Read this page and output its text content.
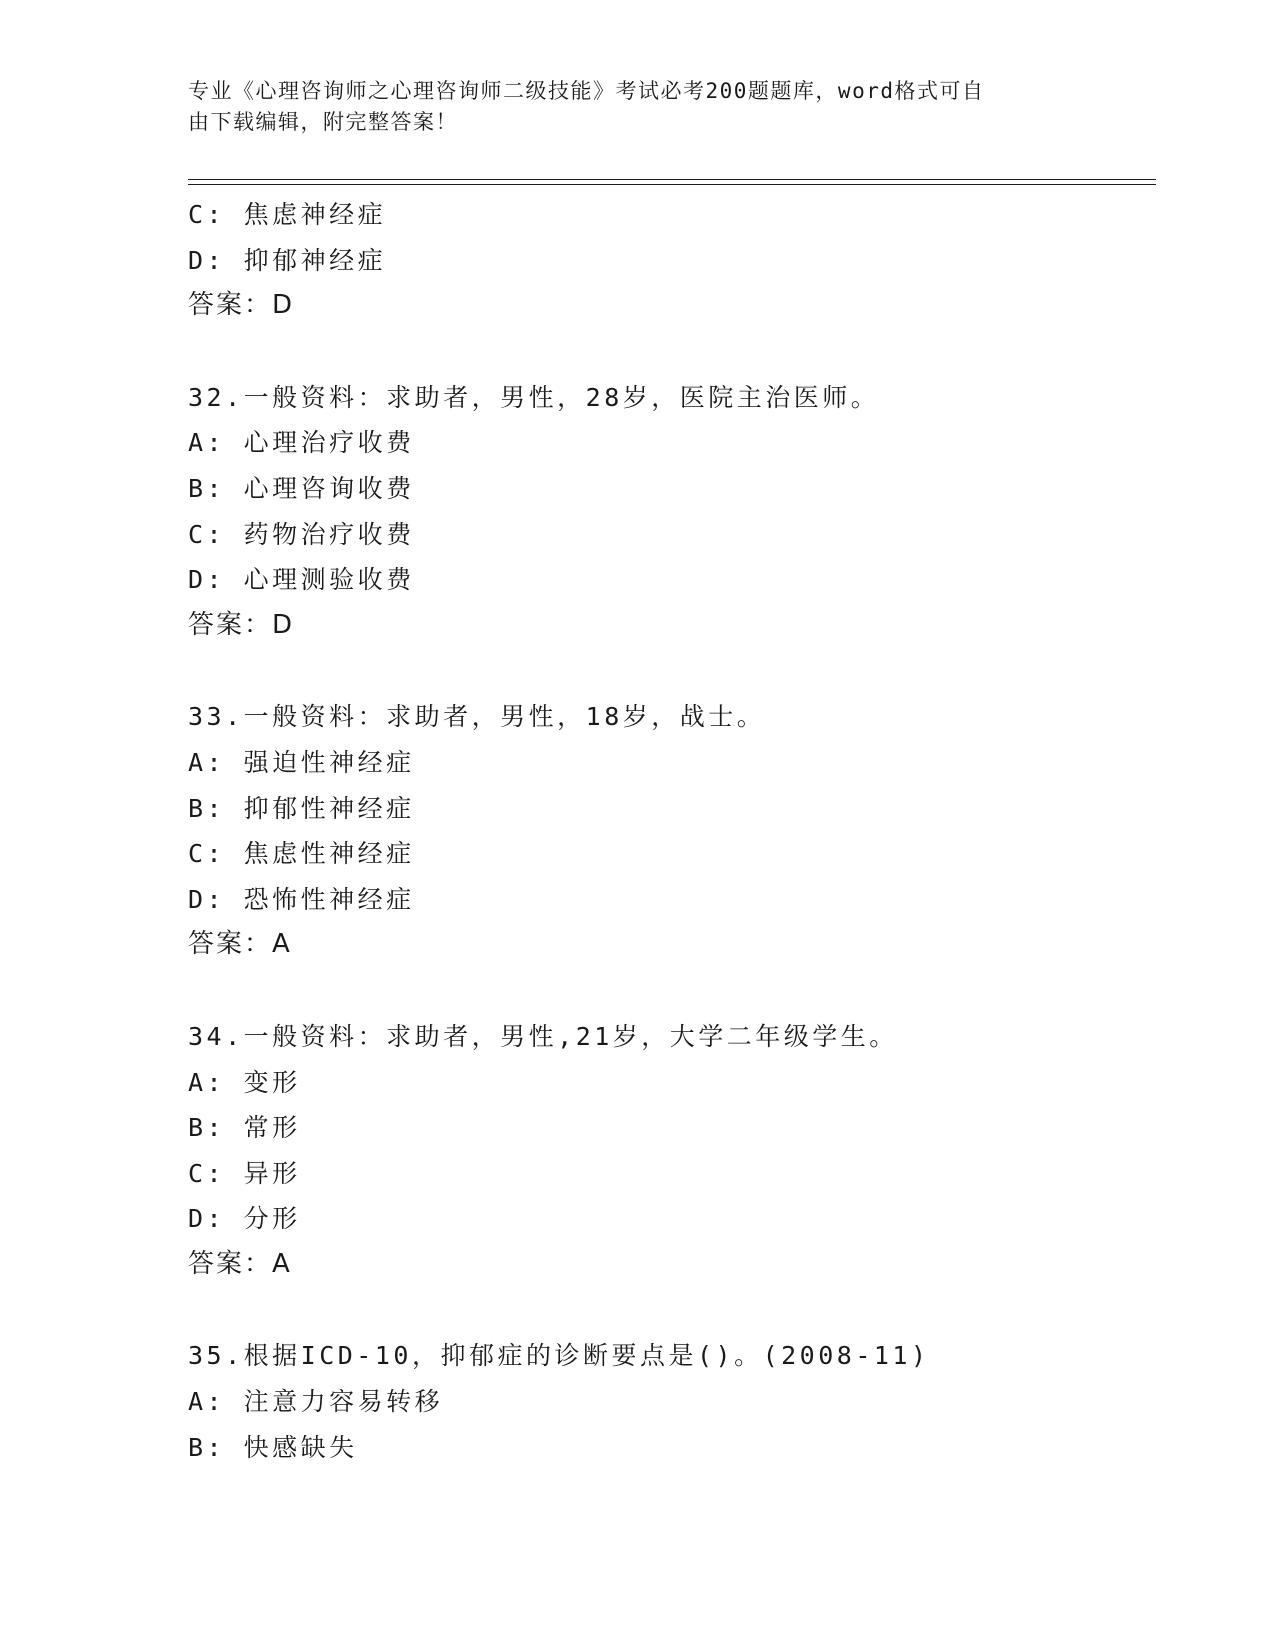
专业《心理咨询师之心理咨询师二级技能》考试必考200题题库，word格式可自
由下载编辑，附完整答案！
C: 焦虑神经症
D: 抑郁神经症
答案：D
32.一般资料：求助者，男性，28岁，医院主治医师。
A: 心理治疗收费
B: 心理咨询收费
C: 药物治疗收费
D: 心理测验收费
答案：D
33.一般资料：求助者，男性，18岁，战士。
A: 强迫性神经症
B: 抑郁性神经症
C: 焦虑性神经症
D: 恐怖性神经症
答案：A
34.一般资料：求助者，男性,21岁，大学二年级学生。
A: 变形
B: 常形
C: 异形
D: 分形
答案：A
35.根据ICD-10，抑郁症的诊断要点是()。(2008-11)
A: 注意力容易转移
B: 快感缺失
